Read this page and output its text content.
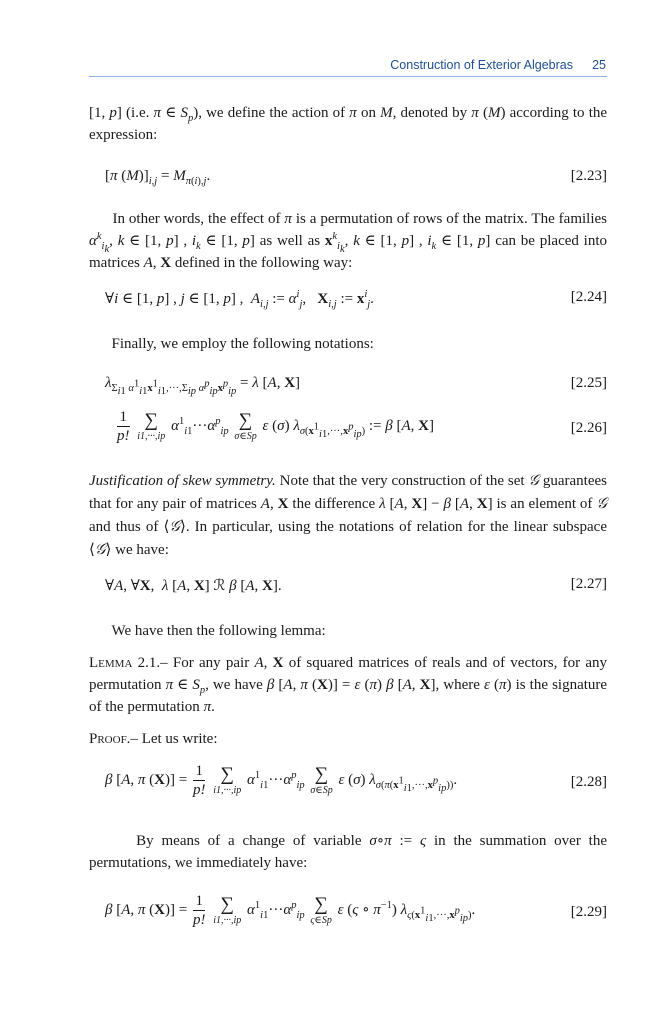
Construction of Exterior Algebras 25
[1, p] (i.e. π ∈ $S_p$), we define the action of π on M, denoted by π (M) according to the expression:
[π $(M)]_{i,j} = M_{\pi(i),j}$.	[2.23]
In other words, the effect of π is a permutation of rows of the matrix. The families $\alpha^k_{i_k}$, k ∈ [1, p] , $i_k$ ∈ [1, p] as well as $x^k_{i_k}$, k ∈ [1, p] , $i_k$ ∈ [1, p] can be placed into matrices A, X defined in the following way:
∀i ∈ [1, p] , j ∈ [1, p] ,  $A_{i,j}$ := $\alpha^i_j$,   $X_{i,j}$ := $x^i_j$.	[2.24]
Finally, we employ the following notations:
$\lambda_{\Sigma_{i1} \alpha^1_{i1}x^1_{i1},\cdot\cdot\cdot,\Sigma_{ip} \alpha^p_{ip}x^p_{ip}} = \lambda$ [A, X]	[2.25]
$\frac{1}{p!}$
∑
i1,···,ip
$\alpha^1_{i1}\cdot\cdot\cdot\alpha^p_{ip}$
∑
σ∈Sp
ε (σ) $\lambda_{\sigma(x^1_{i1},\cdot\cdot\cdot,x^p_{ip})}$ := β [A, X]	[2.26]
Justification of skew symmetry. Note that the very construction of the set 𝒢 guarantees that for any pair of matrices A, X the difference λ [A, X] − β [A, X] is an element of 𝒢 and thus of ⟨𝒢⟩. In particular, using the notations of relation for the linear subspace ⟨𝒢⟩ we have:
∀A, ∀X,  λ [A, X] ℛ β [A, X].	[2.27]
We have then the following lemma:
Lemma 2.1.– For any pair A, X of squared matrices of reals and of vectors, for any permutation π ∈ $S_p$, we have β [A, π (X)] = ε (π) β [A, X], where ε (π) is the signature of the permutation π.
Proof.– Let us write:
β [A, π $(X)] = \frac{1}{p!}$
∑
i1,···,ip
$\alpha^1_{i1}\cdot\cdot\cdot\alpha^p_{ip}$
∑
σ∈Sp
ε (σ) $\lambda_{\sigma(\pi(x^1_{i1},\cdot\cdot\cdot,x^p_{ip}))}$.	[2.28]
By means of a change of variable σ∘π := ς in the summation over the permutations, we immediately have:
β [A, π $(X)] = \frac{1}{p!}$
∑
i1,···,ip
$\alpha^1_{i1}\cdot\cdot\cdot\alpha^p_{ip}$
∑
ς∈Sp
ε (ς ∘ $\pi^{-1}$) $\lambda_{\varsigma(x^1_{i1},\cdot\cdot\cdot,x^p_{ip})}$.	[2.29]
